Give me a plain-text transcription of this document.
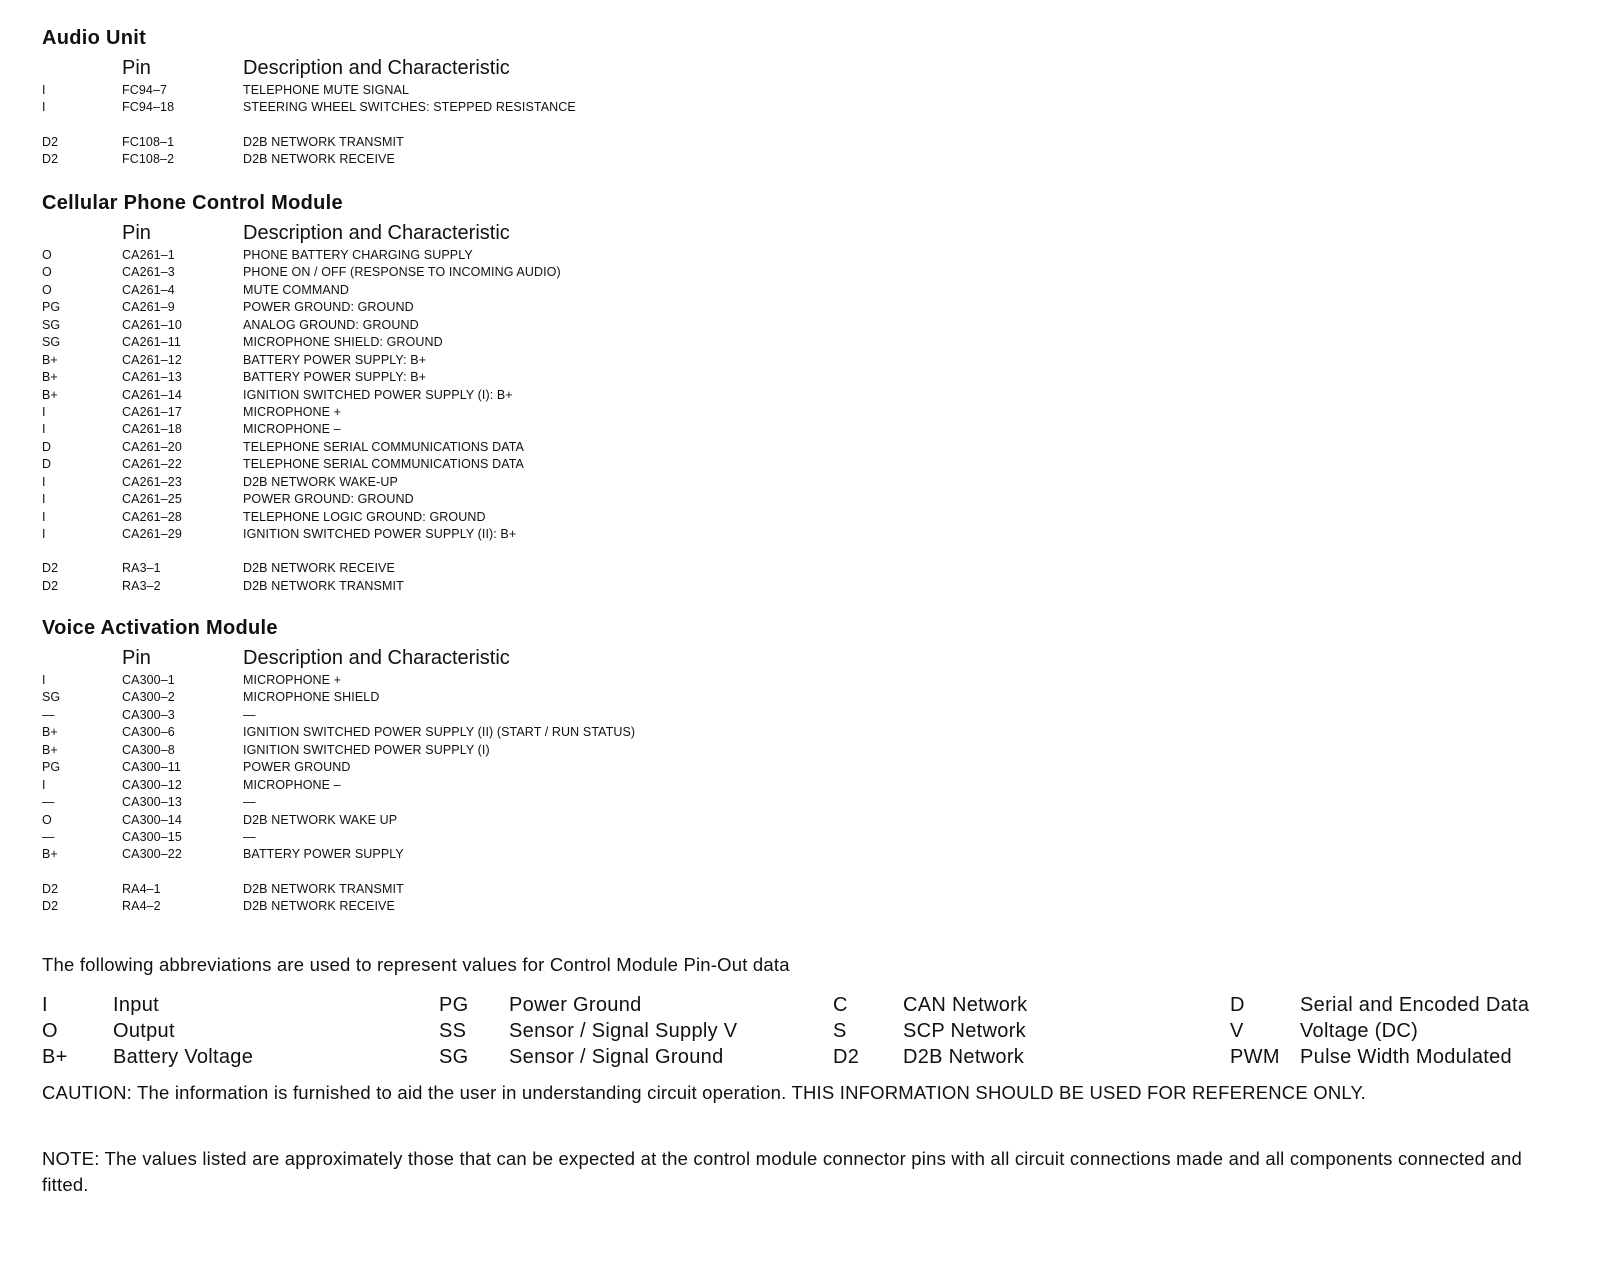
Audio Unit
Pin	Description and Characteristic
I	FC94–7	TELEPHONE MUTE SIGNAL
I	FC94–18	STEERING WHEEL SWITCHES: STEPPED RESISTANCE
D2	FC108–1	D2B NETWORK TRANSMIT
D2	FC108–2	D2B NETWORK RECEIVE
Cellular Phone Control Module
Pin	Description and Characteristic
O	CA261–1	PHONE BATTERY CHARGING SUPPLY
O	CA261–3	PHONE ON / OFF (RESPONSE TO INCOMING AUDIO)
O	CA261–4	MUTE COMMAND
PG	CA261–9	POWER GROUND: GROUND
SG	CA261–10	ANALOG GROUND: GROUND
SG	CA261–11	MICROPHONE SHIELD: GROUND
B+	CA261–12	BATTERY POWER SUPPLY: B+
B+	CA261–13	BATTERY POWER SUPPLY: B+
B+	CA261–14	IGNITION SWITCHED POWER SUPPLY (I): B+
I	CA261–17	MICROPHONE +
I	CA261–18	MICROPHONE –
D	CA261–20	TELEPHONE SERIAL COMMUNICATIONS DATA
D	CA261–22	TELEPHONE SERIAL COMMUNICATIONS DATA
I	CA261–23	D2B NETWORK WAKE-UP
I	CA261–25	POWER GROUND: GROUND
I	CA261–28	TELEPHONE LOGIC GROUND: GROUND
I	CA261–29	IGNITION SWITCHED POWER SUPPLY (II): B+
D2	RA3–1	D2B NETWORK RECEIVE
D2	RA3–2	D2B NETWORK TRANSMIT
Voice Activation Module
Pin	Description and Characteristic
I	CA300–1	MICROPHONE +
SG	CA300–2	MICROPHONE SHIELD
—	CA300–3	—
B+	CA300–6	IGNITION SWITCHED POWER SUPPLY (II) (START / RUN STATUS)
B+	CA300–8	IGNITION SWITCHED POWER SUPPLY (I)
PG	CA300–11	POWER GROUND
I	CA300–12	MICROPHONE –
—	CA300–13	—
O	CA300–14	D2B NETWORK WAKE UP
—	CA300–15	—
B+	CA300–22	BATTERY POWER SUPPLY
D2	RA4–1	D2B NETWORK TRANSMIT
D2	RA4–2	D2B NETWORK RECEIVE
The following abbreviations are used to represent values for Control Module Pin-Out data
I	Input	PG Power Ground	C	CAN Network	D	Serial and Encoded Data
O	Output	SS Sensor / Signal Supply V	S	SCP Network	V	Voltage (DC)
B+ Battery Voltage	SG Sensor / Signal Ground	D2 D2B Network	PWM Pulse Width Modulated

CAUTION: The information is furnished to aid the user in understanding circuit operation. THIS INFORMATION SHOULD BE USED FOR REFERENCE ONLY.

NOTE: The values listed are approximately those that can be expected at the control module connector pins with all circuit connections made and all components connected and fitted.
